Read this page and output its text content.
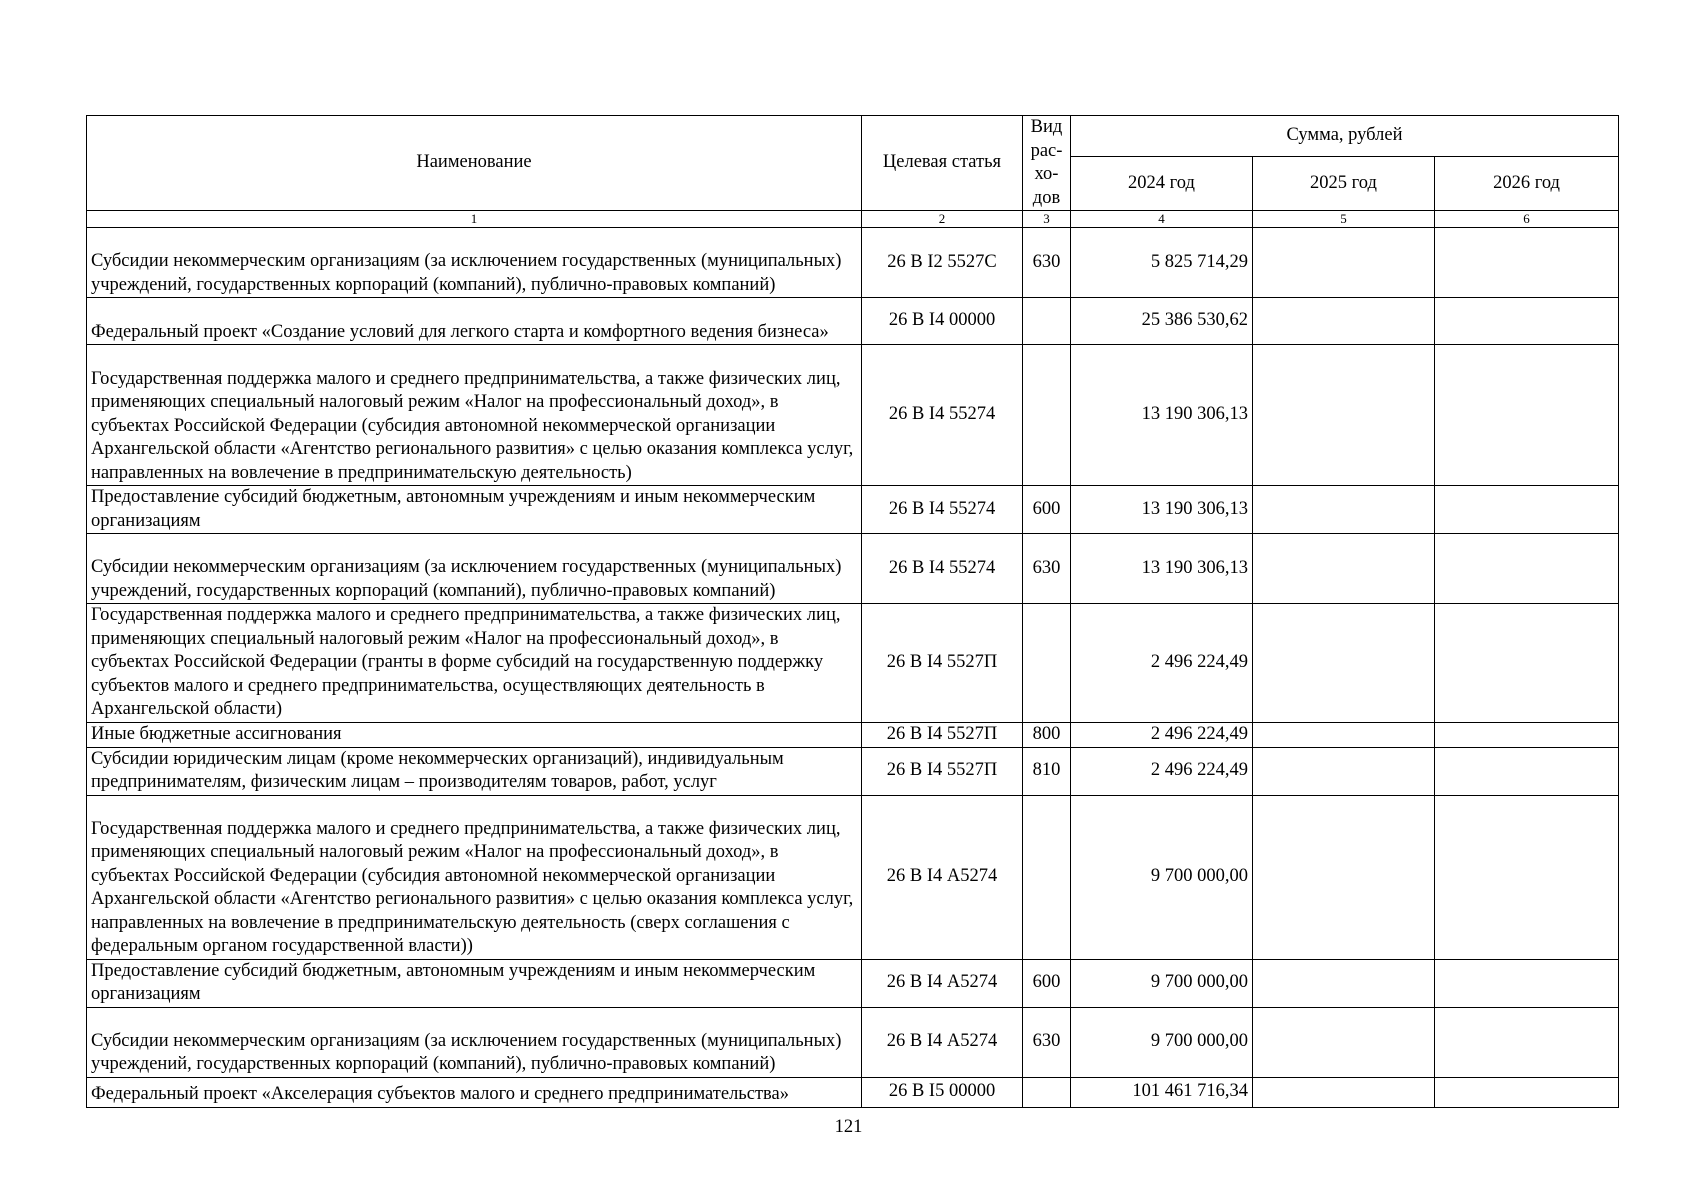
Наименование	Целевая статья	Вид рас- хо- дов	Сумма, рублей		
			2024 год	2025 год	2026 год
1	2	3	4	5	6
Субсидии некоммерческим организациям (за исключением государственных (муниципальных) учреждений, государственных корпораций (компаний), публично-правовых компаний)	26 В I2 5527С	630	5 825 714,29		
Федеральный проект «Создание условий для легкого старта и комфортного ведения бизнеса»	26 В I4 00000		25 386 530,62		
Государственная поддержка малого и среднего предпринимательства, а также физических лиц, применяющих специальный налоговый режим «Налог на профессиональный доход», в субъектах Российской Федерации (субсидия автономной некоммерческой организации Архангельской области «Агентство регионального развития» с целью оказания комплекса услуг, направленных на вовлечение в предпринимательскую деятельность)	26 В I4 55274		13 190 306,13		
Предоставление субсидий бюджетным, автономным учреждениям и иным некоммерческим организациям	26 В I4 55274	600	13 190 306,13		
Субсидии некоммерческим организациям (за исключением государственных (муниципальных) учреждений, государственных корпораций (компаний), публично-правовых компаний)	26 В I4 55274	630	13 190 306,13		
Государственная поддержка малого и среднего предпринимательства, а также физических лиц, применяющих специальный налоговый режим «Налог на профессиональный доход», в субъектах Российской Федерации (гранты в форме субсидий на государственную поддержку субъектов малого и среднего предпринимательства, осуществляющих деятельность в Архангельской области)	26 В I4 5527П		2 496 224,49		
Иные бюджетные ассигнования	26 В I4 5527П	800	2 496 224,49		
Субсидии юридическим лицам (кроме некоммерческих организаций), индивидуальным предпринимателям, физическим лицам – производителям товаров, работ, услуг	26 В I4 5527П	810	2 496 224,49		
Государственная поддержка малого и среднего предпринимательства, а также физических лиц, применяющих специальный налоговый режим «Налог на профессиональный доход», в субъектах Российской Федерации (субсидия автономной некоммерческой организации Архангельской области «Агентство регионального развития» с целью оказания комплекса услуг, направленных на вовлечение в предпринимательскую деятельность (сверх соглашения с федеральным органом государственной власти))	26 В I4 А5274		9 700 000,00		
Предоставление субсидий бюджетным, автономным учреждениям и иным некоммерческим организациям	26 В I4 А5274	600	9 700 000,00		
Субсидии некоммерческим организациям (за исключением государственных (муниципальных) учреждений, государственных корпораций (компаний), публично-правовых компаний)	26 В I4 А5274	630	9 700 000,00		
Федеральный проект «Акселерация субъектов малого и среднего предпринимательства»	26 В I5 00000		101 461 716,34		
121
